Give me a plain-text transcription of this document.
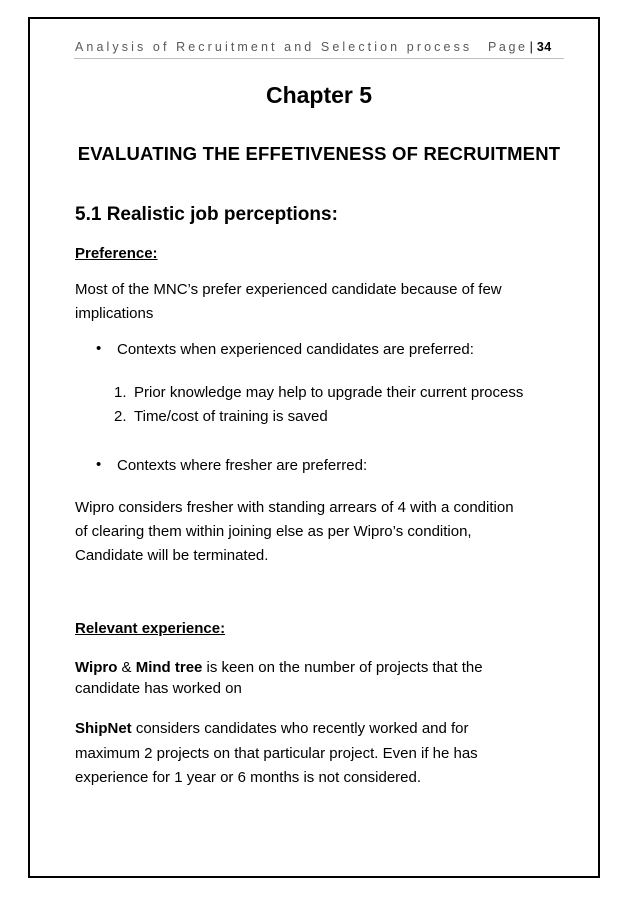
Analysis of Recruitment and Selection process Page | 34
Chapter 5
EVALUATING THE EFFETIVENESS OF RECRUITMENT
5.1 Realistic job perceptions:
Preference:
Most of the MNC’s prefer experienced candidate because of few
implications
• Contexts when experienced candidates are preferred:
1. Prior knowledge may help to upgrade their current process
2. Time/cost of training is saved
• Contexts where fresher are preferred:
Wipro considers fresher with standing arrears of 4 with a condition
of clearing them within joining else as per Wipro’s condition,
Candidate will be terminated.
Relevant experience:
Wipro & Mind tree is keen on the number of projects that the
candidate has worked on
ShipNet considers candidates who recently worked and for
maximum 2 projects on that particular project. Even if he has
experience for 1 year or 6 months is not considered.
